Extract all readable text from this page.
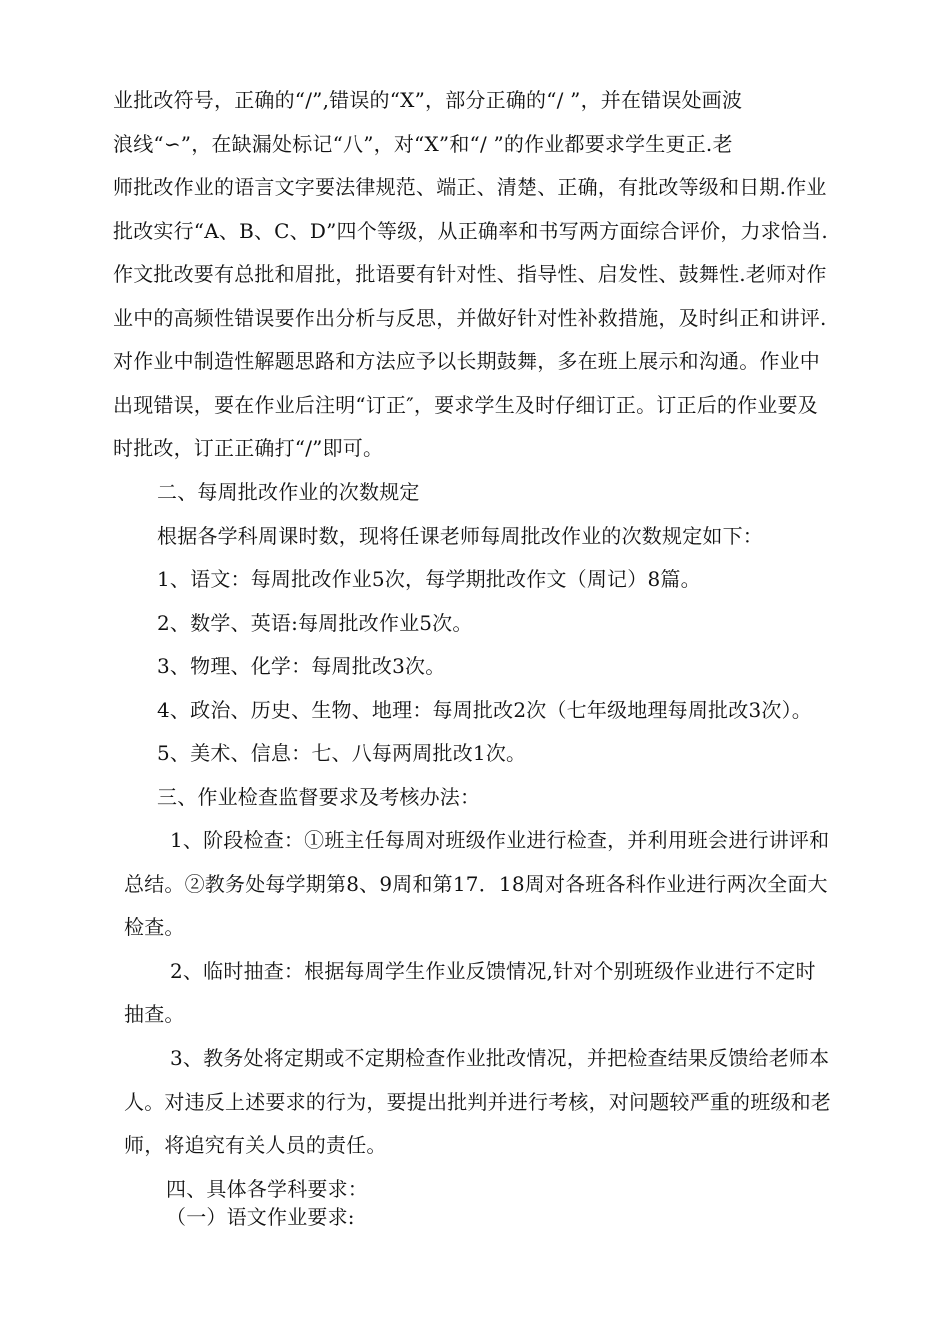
业批改符号，正确的“/”,错误的“X”，部分正确的“/ ”，并在错误处画波
浪线“∽”，在缺漏处标记“八”，对“X”和“/ ”的作业都要求学生更正.老
师批改作业的语言文字要法律规范、端正、清楚、正确，有批改等级和日期.作业
批改实行“A、B、C、D”四个等级，从正确率和书写两方面综合评价，力求恰当.
作文批改要有总批和眉批，批语要有针对性、指导性、启发性、鼓舞性.老师对作
业中的高频性错误要作出分析与反思，并做好针对性补救措施，及时纠正和讲评.
对作业中制造性解题思路和方法应予以长期鼓舞，多在班上展示和沟通。作业中
出现错误，要在作业后注明“订正″，要求学生及时仔细订正。订正后的作业要及
时批改，订正正确打“/”即可。
二、每周批改作业的次数规定
根据各学科周课时数，现将任课老师每周批改作业的次数规定如下：
1、语文：每周批改作业5次，每学期批改作文（周记）8篇。
2、数学、英语:每周批改作业5次。
3、物理、化学：每周批改3次。
4、政治、历史、生物、地理：每周批改2次（七年级地理每周批改3次）。
5、美术、信息：七、八每两周批改1次。
三、作业检查监督要求及考核办法：
1、阶段检查：①班主任每周对班级作业进行检查，并利用班会进行讲评和
总结。②教务处每学期第8、9周和第17．18周对各班各科作业进行两次全面大
检查。
2、临时抽查：根据每周学生作业反馈情况,针对个别班级作业进行不定时
抽查。
3、教务处将定期或不定期检查作业批改情况，并把检查结果反馈给老师本
人。对违反上述要求的行为，要提出批判并进行考核，对问题较严重的班级和老
师，将追究有关人员的责任。
四、具体各学科要求：
（一）语文作业要求:
